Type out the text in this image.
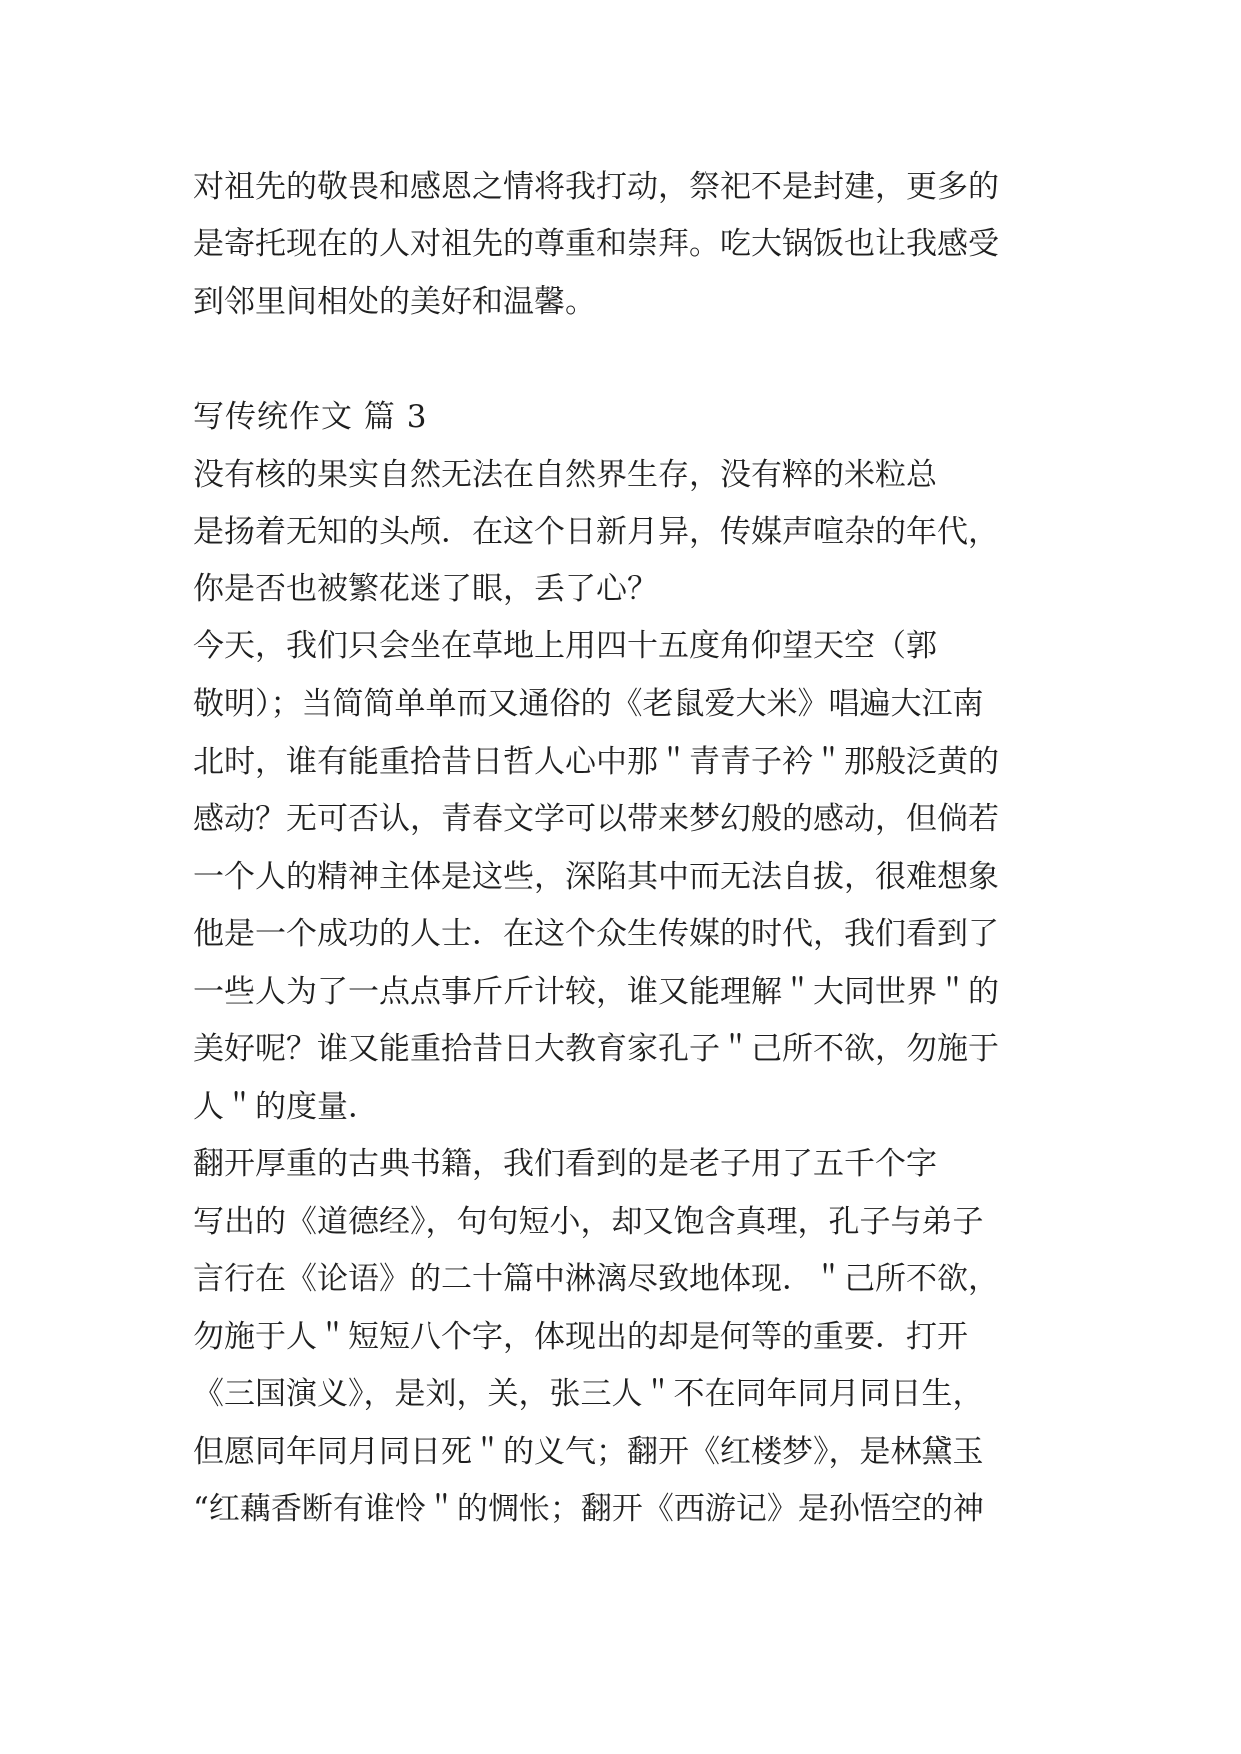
对祖先的敬畏和感恩之情将我打动，祭祀不是封建，更多的
是寄托现在的人对祖先的尊重和崇拜。吃大锅饭也让我感受
到邻里间相处的美好和温馨。
写传统作文 篇 3
没有核的果实自然无法在自然界生存，没有粹的米粒总
是扬着无知的头颅．在这个日新月异，传媒声喧杂的年代，
你是否也被繁花迷了眼，丢了心？
今天，我们只会坐在草地上用四十五度角仰望天空（郭
敬明）；当简简单单而又通俗的《老鼠爱大米》唱遍大江南
北时，谁有能重拾昔日哲人心中那＂青青子衿＂那般泛黄的
感动？无可否认，青春文学可以带来梦幻般的感动，但倘若
一个人的精神主体是这些，深陷其中而无法自拔，很难想象
他是一个成功的人士．在这个众生传媒的时代，我们看到了
一些人为了一点点事斤斤计较，谁又能理解＂大同世界＂的
美好呢？谁又能重拾昔日大教育家孔子＂己所不欲，勿施于
人＂的度量．
翻开厚重的古典书籍，我们看到的是老子用了五千个字
写出的《道德经》，句句短小，却又饱含真理，孔子与弟子
言行在《论语》的二十篇中淋漓尽致地体现．＂己所不欲，
勿施于人＂短短八个字，体现出的却是何等的重要．打开
《三国演义》，是刘，关，张三人＂不在同年同月同日生，
但愿同年同月同日死＂的义气；翻开《红楼梦》，是林黛玉
“红藕香断有谁怜＂的惆怅；翻开《西游记》是孙悟空的神
